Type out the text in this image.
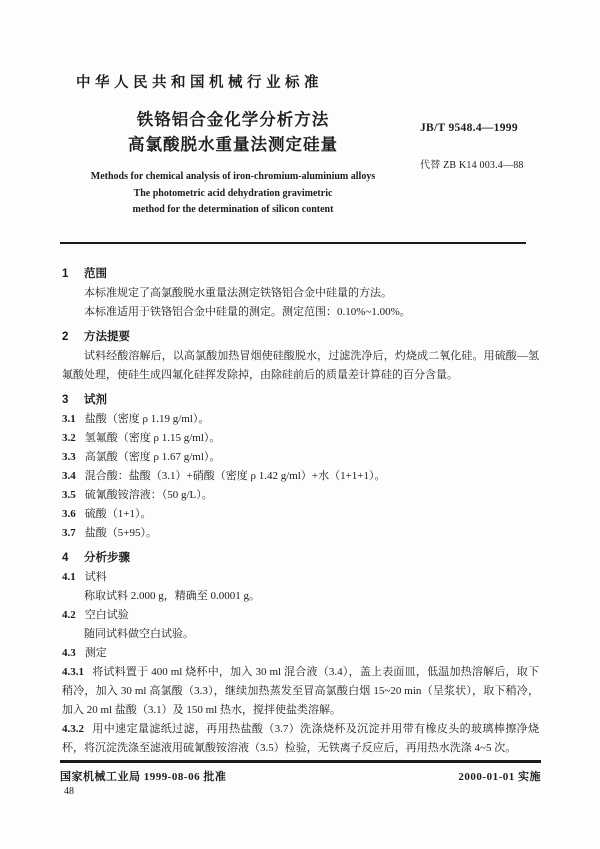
中华人民共和国机械行业标准
铁铬铝合金化学分析方法
高氯酸脱水重量法测定硅量
JB/T 9548.4—1999
代替 ZB K14 003.4—88
Methods for chemical analysis of iron-chromium-aluminium alloys
The photometric acid dehydration gravimetric
method for the determination of silicon content
1 范围

本标准规定了高氯酸脱水重量法测定铁铬铝合金中硅量的方法。

本标准适用于铁铬铝合金中硅量的测定。测定范围：0.10%~1.00%。

2 方法提要

试料经酸溶解后，以高氯酸加热冒烟使硅酸脱水，过滤洗净后，灼烧成二氧化硅。用硫酸—氢氟酸处理，使硅生成四氟化硅挥发除掉，由除硅前后的质量差计算硅的百分含量。

3 试剂
3.1 盐酸（密度 ρ 1.19 g/ml）。
3.2 氢氟酸（密度 ρ 1.15 g/ml）。
3.3 高氯酸（密度 ρ 1.67 g/ml）。
3.4 混合酸：盐酸（3.1）+硝酸（密度 ρ 1.42 g/ml）+水（1+1+1）。
3.5 硫氰酸铵溶液：（50 g/L）。
3.6 硫酸（1+1）。
3.7 盐酸（5+95）。
4 分析步骤
4.1 试料

称取试料 2.000 g，精确至 0.0001 g。

4.2 空白试验

随同试料做空白试验。

4.3 测定

4.3.1 将试料置于 400 ml 烧杯中，加入 30 ml 混合液（3.4），盖上表面皿，低温加热溶解后，取下稍冷，加入 30 ml 高氯酸（3.3），继续加热蒸发至冒高氯酸白烟 15~20 min（呈浆状），取下稍冷，加入 20 ml 盐酸（3.1）及 150 ml 热水，搅拌使盐类溶解。

4.3.2 用中速定量滤纸过滤，再用热盐酸（3.7）洗涤烧杯及沉淀并用带有橡皮头的玻璃棒擦净烧杯，将沉淀洗涤至滤液用硫氰酸铵溶液（3.5）检验，无铁离子反应后，再用热水洗涤 4~5 次。

国家机械工业局 1999-08-06 批准	2000-01-01 实施
48
